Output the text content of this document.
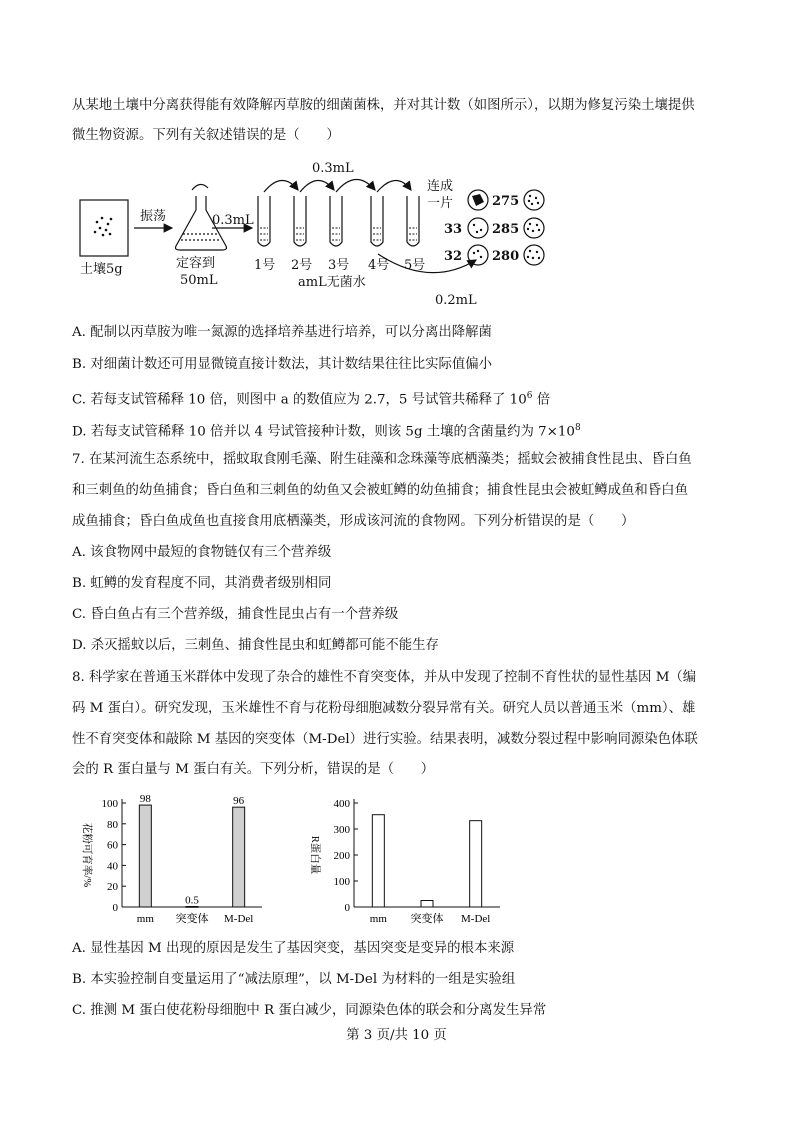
从某地土壤中分离获得能有效降解丙草胺的细菌菌株，并对其计数（如图所示），以期为修复污染土壤提供
微生物资源。下列有关叙述错误的是（　　）
土壤5g
振荡
定容到
50mL
0.3mL
0.3mL
0.2mL
1号 2号 3号 4号 5号
amL无菌水
连成
一片	275
33 285
32 280
A. 配制以丙草胺为唯一氮源的选择培养基进行培养，可以分离出降解菌
B. 对细菌计数还可用显微镜直接计数法，其计数结果往往比实际值偏小
C. 若每支试管稀释 10 倍，则图中 a 的数值应为 2.7，5 号试管共稀释了 $10^6$ 倍
D. 若每支试管稀释 10 倍并以 4 号试管接种计数，则该 5g 土壤的含菌量约为 $7\times 10^8$
7. 在某河流生态系统中，摇蚊取食刚毛藻、附生硅藻和念珠藻等底栖藻类；摇蚊会被捕食性昆虫、昏白鱼
和三刺鱼的幼鱼捕食；昏白鱼和三刺鱼的幼鱼又会被虹鳟的幼鱼捕食；捕食性昆虫会被虹鳟成鱼和昏白鱼
成鱼捕食；昏白鱼成鱼也直接食用底栖藻类，形成该河流的食物网。下列分析错误的是（　　）
A. 该食物网中最短的食物链仅有三个营养级
B. 虹鳟的发育程度不同，其消费者级别相同
C. 昏白鱼占有三个营养级，捕食性昆虫占有一个营养级
D. 杀灭摇蚊以后，三刺鱼、捕食性昆虫和虹鳟都可能不能生存
8. 科学家在普通玉米群体中发现了杂合的雄性不育突变体，并从中发现了控制不育性状的显性基因 M（编
码 M 蛋白）。研究发现，玉米雄性不育与花粉母细胞减数分裂异常有关。研究人员以普通玉米（mm）、雄
性不育突变体和敲除 M 基因的突变体（M-Del）进行实验。结果表明，减数分裂过程中影响同源染色体联
会的 R 蛋白量与 M 蛋白有关。下列分析，错误的是（　　）
0
20
40
60
80
100 98
mm
0.5
突变体
96
M-Del
花粉可育率/%
0
100
200
300
400
mm 突变体 M-Del
R蛋白量
A. 显性基因 M 出现的原因是发生了基因突变，基因突变是变异的根本来源
B. 本实验控制自变量运用了“减法原理”，以 M-Del 为材料的一组是实验组
C. 推测 M 蛋白使花粉母细胞中 R 蛋白减少，同源染色体的联会和分离发生异常
第 3 页/共 10 页
